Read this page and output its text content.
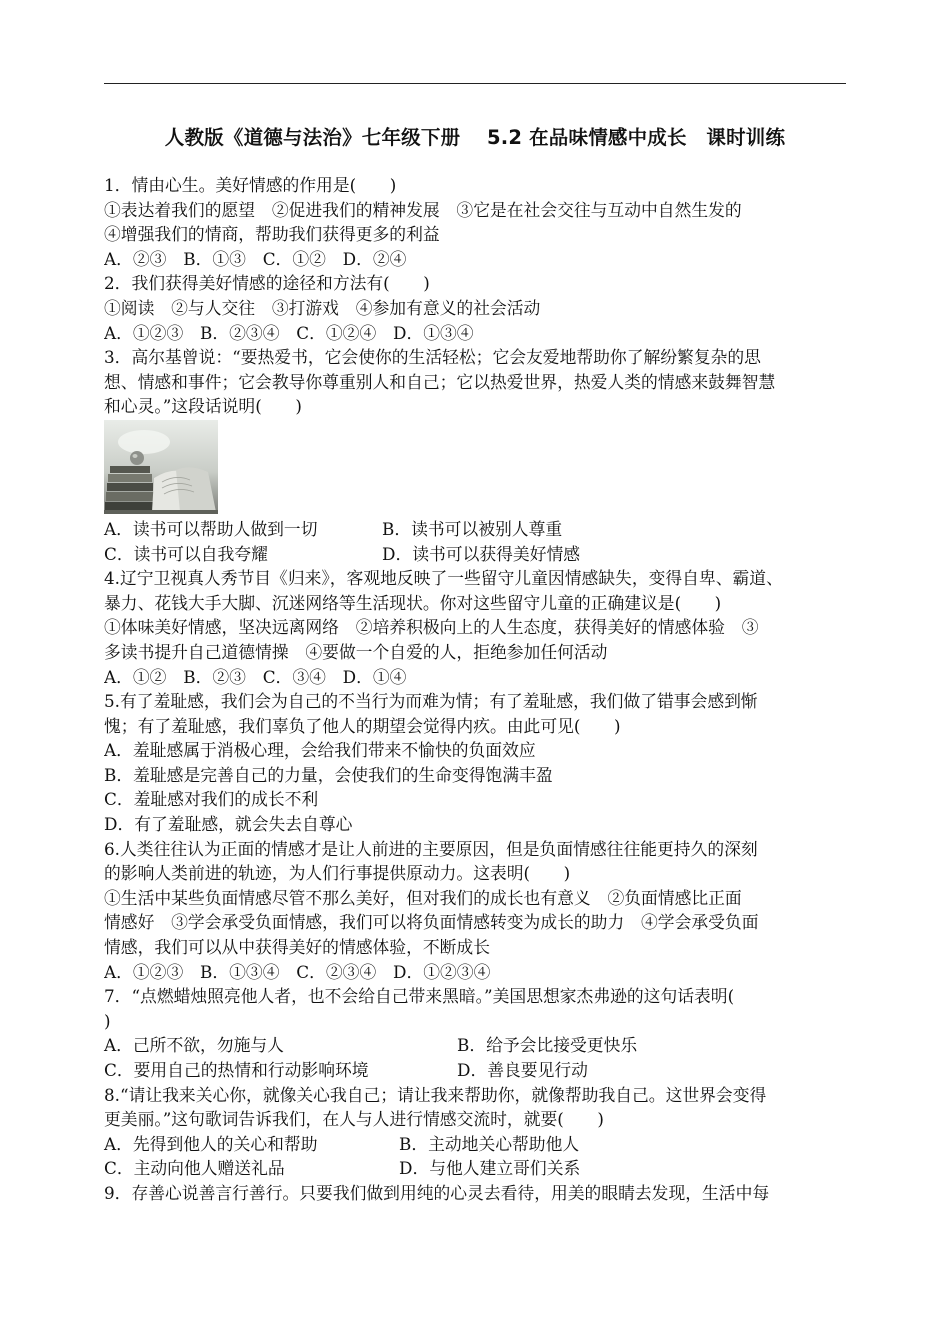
人教版《道德与法治》七年级下册　 5.2 在品味情感中成长　课时训练
1．情由心生。美好情感的作用是(　　)
①表达着我们的愿望　②促进我们的精神发展　③它是在社会交往与互动中自然生发的
④增强我们的情商，帮助我们获得更多的利益
A．②③　B．①③　C．①②　D．②④
2．我们获得美好情感的途径和方法有(　　)
①阅读　②与人交往　③打游戏　④参加有意义的社会活动
A．①②③　B．②③④　C．①②④　D．①③④
3．高尔基曾说：“要热爱书，它会使你的生活轻松；它会友爱地帮助你了解纷繁复杂的思
想、情感和事件；它会教导你尊重别人和自己；它以热爱世界，热爱人类的情感来鼓舞智慧
和心灵。”这段话说明(　　)
A．读书可以帮助人做到一切	B．读书可以被别人尊重
C．读书可以自我夸耀	D．读书可以获得美好情感
4.辽宁卫视真人秀节目《归来》，客观地反映了一些留守儿童因情感缺失，变得自卑、霸道、
暴力、花钱大手大脚、沉迷网络等生活现状。你对这些留守儿童的正确建议是(　　)
①体味美好情感，坚决远离网络　②培养积极向上的人生态度，获得美好的情感体验　③
多读书提升自己道德情操　④要做一个自爱的人，拒绝参加任何活动
A．①②　B．②③　C．③④　D．①④
5.有了羞耻感，我们会为自己的不当行为而难为情；有了羞耻感，我们做了错事会感到惭
愧；有了羞耻感，我们辜负了他人的期望会觉得内疚。由此可见(　　)
A．羞耻感属于消极心理，会给我们带来不愉快的负面效应
B．羞耻感是完善自己的力量，会使我们的生命变得饱满丰盈
C．羞耻感对我们的成长不利
D．有了羞耻感，就会失去自尊心
6.人类往往认为正面的情感才是让人前进的主要原因，但是负面情感往往能更持久的深刻
的影响人类前进的轨迹，为人们行事提供原动力。这表明(　　)
①生活中某些负面情感尽管不那么美好，但对我们的成长也有意义　②负面情感比正面
情感好　③学会承受负面情感，我们可以将负面情感转变为成长的助力　④学会承受负面
情感，我们可以从中获得美好的情感体验，不断成长
A．①②③　B．①③④　C．②③④　D．①②③④
7．“点燃蜡烛照亮他人者，也不会给自己带来黑暗。”美国思想家杰弗逊的这句话表明(
)
A．己所不欲，勿施与人	B．给予会比接受更快乐
C．要用自己的热情和行动影响环境	D．善良要见行动
8.“请让我来关心你，就像关心我自己；请让我来帮助你，就像帮助我自己。这世界会变得
更美丽。”这句歌词告诉我们，在人与人进行情感交流时，就要(　　)
A．先得到他人的关心和帮助	B．主动地关心帮助他人
C．主动向他人赠送礼品	D．与他人建立哥们关系
9．存善心说善言行善行。只要我们做到用纯的心灵去看待，用美的眼睛去发现，生活中每
